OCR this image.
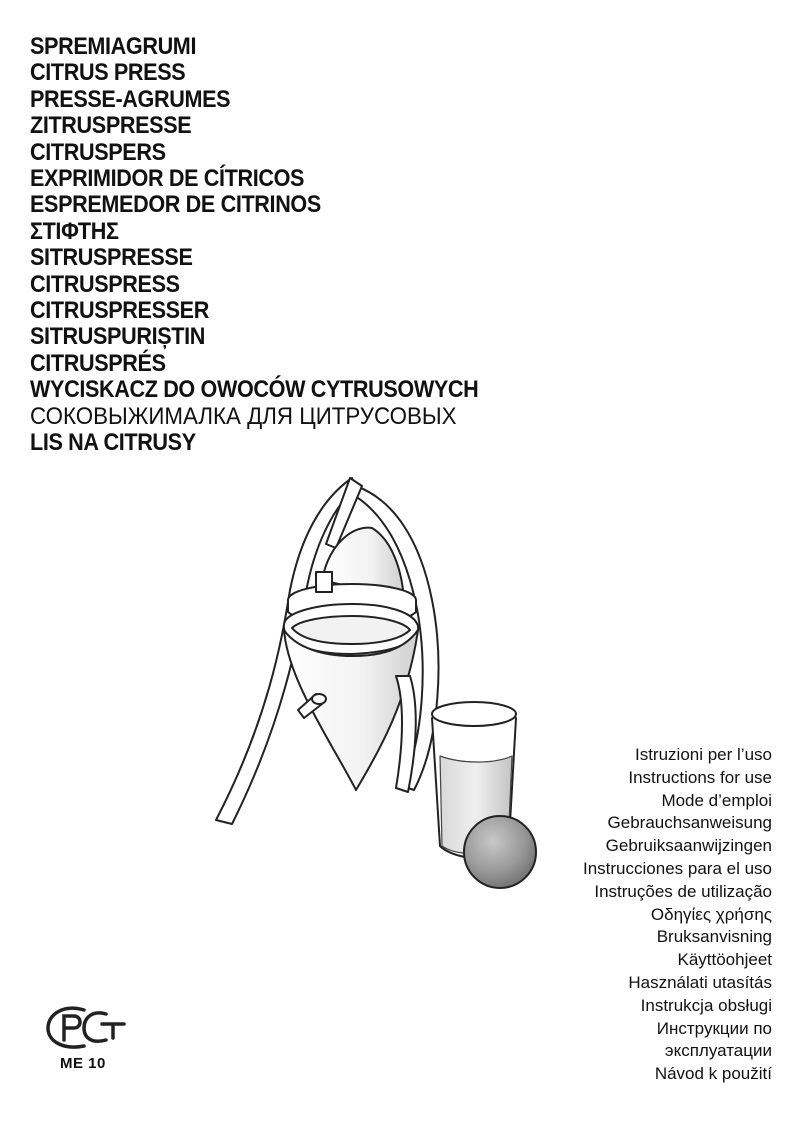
SPREMIAGRUMI
CITRUS PRESS
PRESSE-AGRUMES
ZITRUSPRESSE
CITRUSPERS
EXPRIMIDOR DE CÍTRICOS
ESPREMEDOR DE CITRINOS
ΣΤΙΦΤΗΣ
SITRUSPRESSE
CITRUSPRESS
CITRUSPRESSER
SITRUSPURIȘTIN
CITRUSPRÉS
WYCISKACZ DO OWOCÓW CYTRUSOWYCH
СОКОВЫЖИМАЛКА ДЛЯ ЦИТРУСОВЫХ
LIS NA CITRUSY
Istruzioni per l’uso
Instructions for use
Mode d’emploi
Gebrauchsanweisung
Gebruiksaanwijzingen
Instrucciones para el uso
Instruções de utilização
Οδηγίες χρήσης
Bruksanvisning
Käyttöohjeet
Használati utasítás
Instrukcja obsługi
Инструкции по
эксплуатации
Návod k použití
ME 10
